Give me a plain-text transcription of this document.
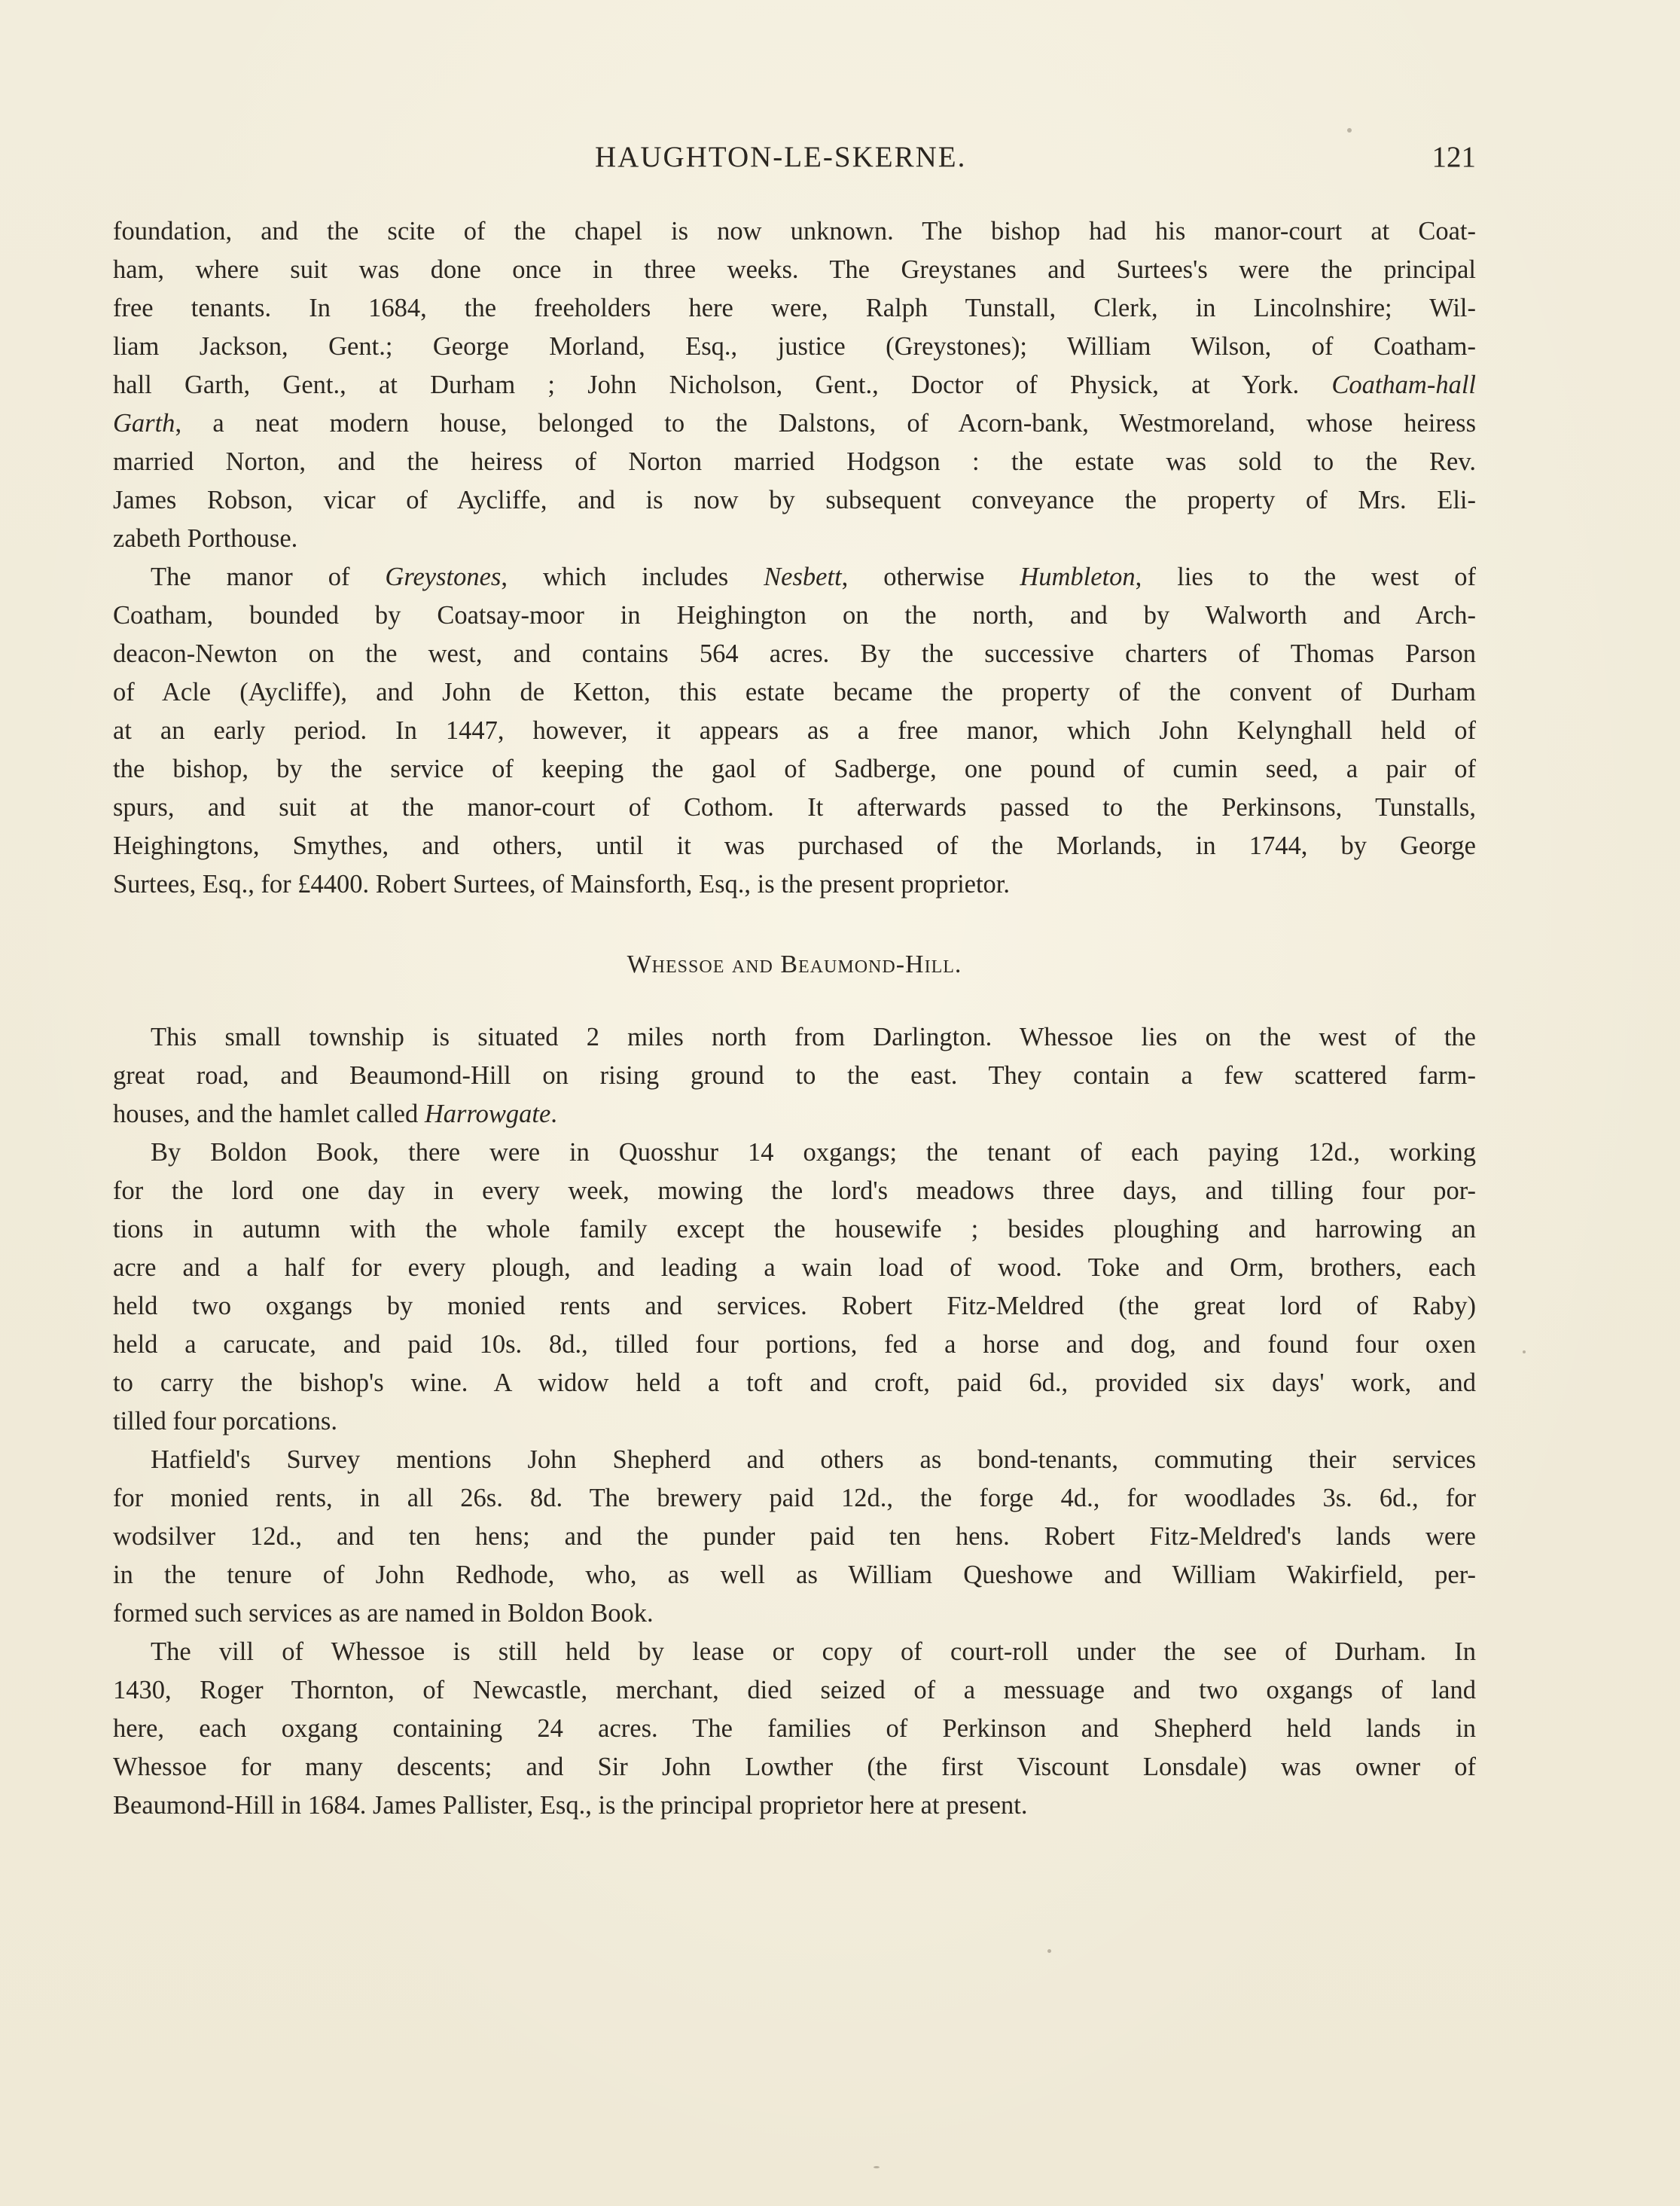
HAUGHTON-LE-SKERNE.	121
foundation, and the scite of the chapel is now unknown. The bishop had his manor-court at Coat-
ham, where suit was done once in three weeks. The Greystanes and Surtees's were the principal
free tenants. In 1684, the freeholders here were, Ralph Tunstall, Clerk, in Lincolnshire; Wil-
liam Jackson, Gent.; George Morland, Esq., justice (Greystones); William Wilson, of Coatham-
hall Garth, Gent., at Durham ; John Nicholson, Gent., Doctor of Physick, at York. Coatham-hall
Garth, a neat modern house, belonged to the Dalstons, of Acorn-bank, Westmoreland, whose heiress
married Norton, and the heiress of Norton married Hodgson : the estate was sold to the Rev.
James Robson, vicar of Aycliffe, and is now by subsequent conveyance the property of Mrs. Eli-
zabeth Porthouse.
The manor of Greystones, which includes Nesbett, otherwise Humbleton, lies to the west of
Coatham, bounded by Coatsay-moor in Heighington on the north, and by Walworth and Arch-
deacon-Newton on the west, and contains 564 acres. By the successive charters of Thomas Parson
of Acle (Aycliffe), and John de Ketton, this estate became the property of the convent of Durham
at an early period. In 1447, however, it appears as a free manor, which John Kelynghall held of
the bishop, by the service of keeping the gaol of Sadberge, one pound of cumin seed, a pair of
spurs, and suit at the manor-court of Cothom. It afterwards passed to the Perkinsons, Tunstalls,
Heighingtons, Smythes, and others, until it was purchased of the Morlands, in 1744, by George
Surtees, Esq., for £4400. Robert Surtees, of Mainsforth, Esq., is the present proprietor.
Whessoe and Beaumond-Hill.
This small township is situated 2 miles north from Darlington. Whessoe lies on the west of the
great road, and Beaumond-Hill on rising ground to the east. They contain a few scattered farm-
houses, and the hamlet called Harrowgate.
By Boldon Book, there were in Quosshur 14 oxgangs; the tenant of each paying 12d., working
for the lord one day in every week, mowing the lord's meadows three days, and tilling four por-
tions in autumn with the whole family except the housewife ; besides ploughing and harrowing an
acre and a half for every plough, and leading a wain load of wood. Toke and Orm, brothers, each
held two oxgangs by monied rents and services. Robert Fitz-Meldred (the great lord of Raby)
held a carucate, and paid 10s. 8d., tilled four portions, fed a horse and dog, and found four oxen
to carry the bishop's wine. A widow held a toft and croft, paid 6d., provided six days' work, and
tilled four porcations.
Hatfield's Survey mentions John Shepherd and others as bond-tenants, commuting their services
for monied rents, in all 26s. 8d. The brewery paid 12d., the forge 4d., for woodlades 3s. 6d., for
wodsilver 12d., and ten hens; and the punder paid ten hens. Robert Fitz-Meldred's lands were
in the tenure of John Redhode, who, as well as William Queshowe and William Wakirfield, per-
formed such services as are named in Boldon Book.
The vill of Whessoe is still held by lease or copy of court-roll under the see of Durham. In
1430, Roger Thornton, of Newcastle, merchant, died seized of a messuage and two oxgangs of land
here, each oxgang containing 24 acres. The families of Perkinson and Shepherd held lands in
Whessoe for many descents; and Sir John Lowther (the first Viscount Lonsdale) was owner of
Beaumond-Hill in 1684. James Pallister, Esq., is the principal proprietor here at present.
